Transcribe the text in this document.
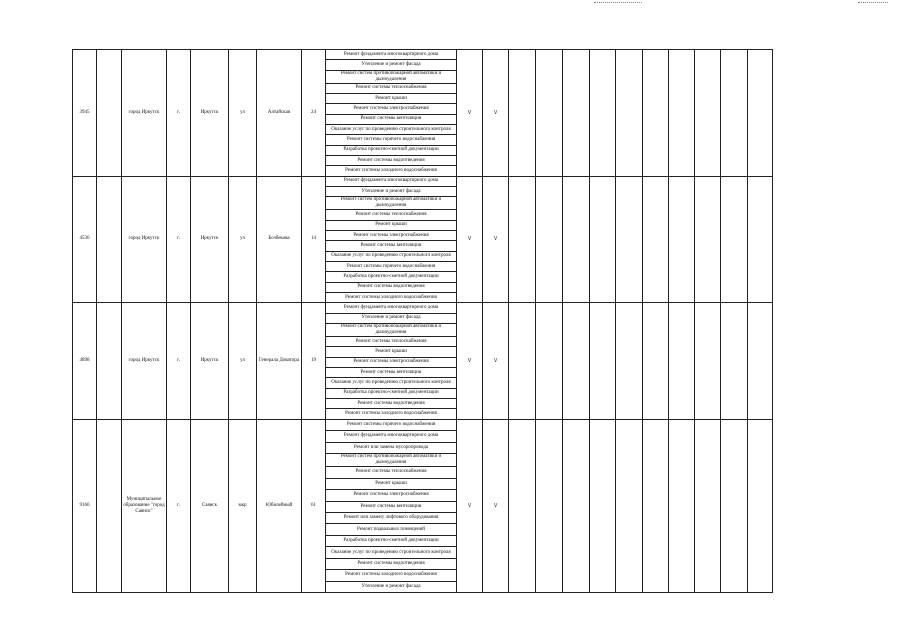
3945		город Иркутск	г.	Иркутск	ул	Алтайская	24	Ремонт фундамента многоквартирного дома	V	V												
								Утепление и ремонт фасада													
								Ремонт систем противопожарной автоматики и дымоудаления													
								Ремонт системы теплоснабжения													
								Ремонт крыши													
								Ремонт системы электроснабжения													
								Ремонт системы вентиляции													
								Оказание услуг по проведению строительного контроля													
								Ремонт системы горячего водоснабжения													
								Разработка проектно-сметной документации													
								Ремонт системы водоотведения													
								Ремонт системы холодного водоснабжения													
4536		город Иркутск	г.	Иркутск	ул	Бозбекова	14	Ремонт фундамента многоквартирного дома	V	V												
								Утепление и ремонт фасада													
								Ремонт систем противопожарной автоматики и дымоудаления													
								Ремонт системы теплоснабжения													
								Ремонт крыши													
								Ремонт системы электроснабжения													
								Ремонт системы вентиляции													
								Оказание услуг по проведению строительного контроля													
								Ремонт системы горячего водоснабжения													
								Разработка проектно-сметной документации													
								Ремонт системы водоотведения													
								Ремонт системы холодного водоснабжения													
4898		город Иркутск	г.	Иркутск	ул	Генерала Доватора	19	Ремонт фундамента многоквартирного дома	V	V												
								Утепление и ремонт фасада													
								Ремонт систем противопожарной автоматики и дымоудаления													
								Ремонт системы теплоснабжения													
								Ремонт крыши													
								Ремонт системы электроснабжения													
								Ремонт системы вентиляции													
								Оказание услуг по проведению строительного контроля													
								Разработка проектно-сметной документации													
								Ремонт системы водоотведения													
								Ремонт системы холодного водоснабжения													
9166		Муниципальное образование "город Саянск"	г.	Саянск	мкр	Юбилейный	61	Ремонт системы горячего водоснабжения	V	V												
								Ремонт фундамента многоквартирного дома													
								Ремонт или замена мусоропровода													
								Ремонт систем противопожарной автоматики и дымоудаления													
								Ремонт системы теплоснабжения													
								Ремонт крыши													
								Ремонт системы электроснабжения													
								Ремонт системы вентиляции													
								Ремонт или замену лифтового оборудования													
								Ремонт подвальных помещений													
								Разработка проектно-сметной документации													
								Оказание услуг по проведению строительного контроля													
								Ремонт системы водоотведения													
								Ремонт системы холодного водоснабжения													
								Утепление и ремонт фасада													
